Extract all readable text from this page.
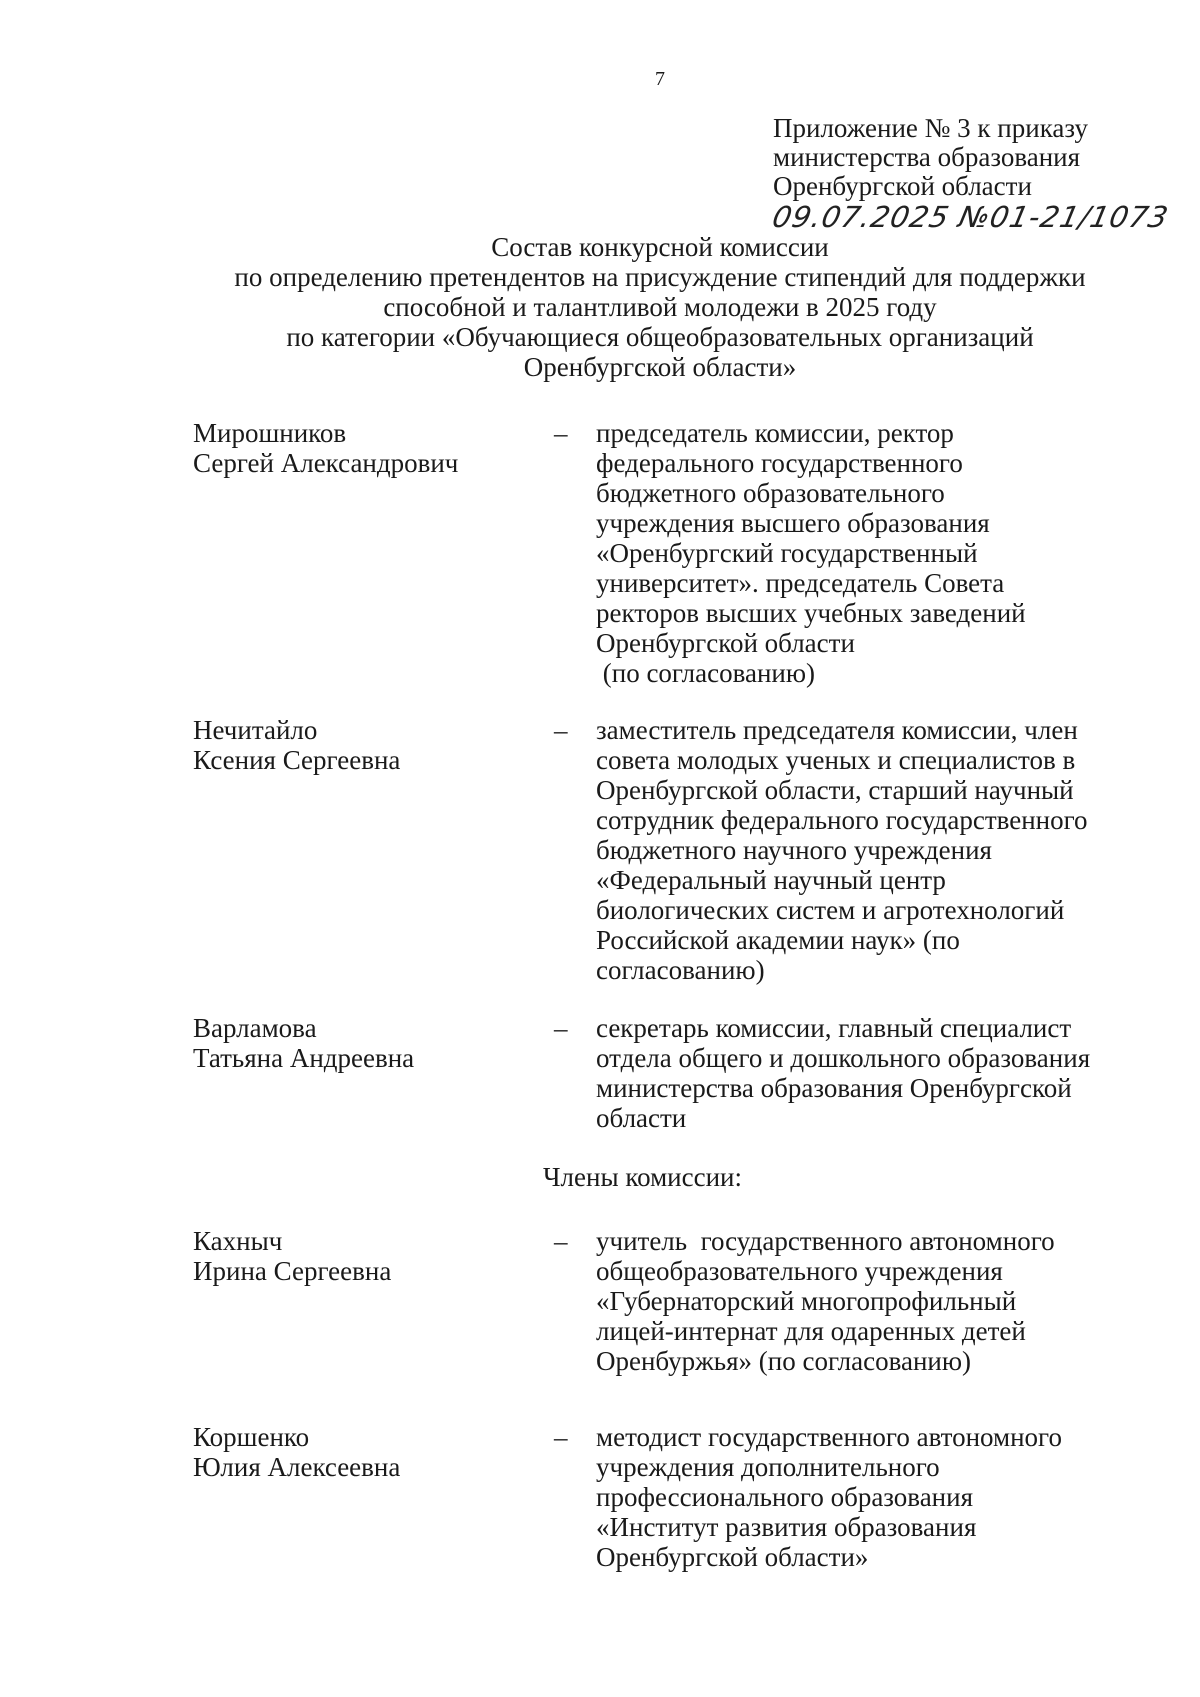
7
Приложение № 3 к приказу
министерства образования
Оренбургской области
09.07.2025 №01-21/1073
Состав конкурсной комиссии
по определению претендентов на присуждение стипендий для поддержки
способной и талантливой молодежи в 2025 году
по категории «Обучающиеся общеобразовательных организаций
Оренбургской области»
Мирошников
Сергей Александрович
– председатель комиссии, ректор
федерального государственного
бюджетного образовательного
учреждения высшего образования
«Оренбургский государственный
университет». председатель Совета
ректоров высших учебных заведений
Оренбургской области
(по согласованию)
Нечитайло
Ксения Сергеевна
– заместитель председателя комиссии, член
совета молодых ученых и специалистов в
Оренбургской области, старший научный
сотрудник федерального государственного
бюджетного научного учреждения
«Федеральный научный центр
биологических систем и агротехнологий
Российской академии наук» (по
согласованию)
Варламова
Татьяна Андреевна
– секретарь комиссии, главный специалист
отдела общего и дошкольного образования
министерства образования Оренбургской
области
Члены комиссии:
Кахныч
Ирина Сергеевна
– учитель  государственного автономного
общеобразовательного учреждения
«Губернаторский многопрофильный
лицей-интернат для одаренных детей
Оренбуржья» (по согласованию)
Коршенко
Юлия Алексеевна
– методист государственного автономного
учреждения дополнительного
профессионального образования
«Институт развития образования
Оренбургской области»
